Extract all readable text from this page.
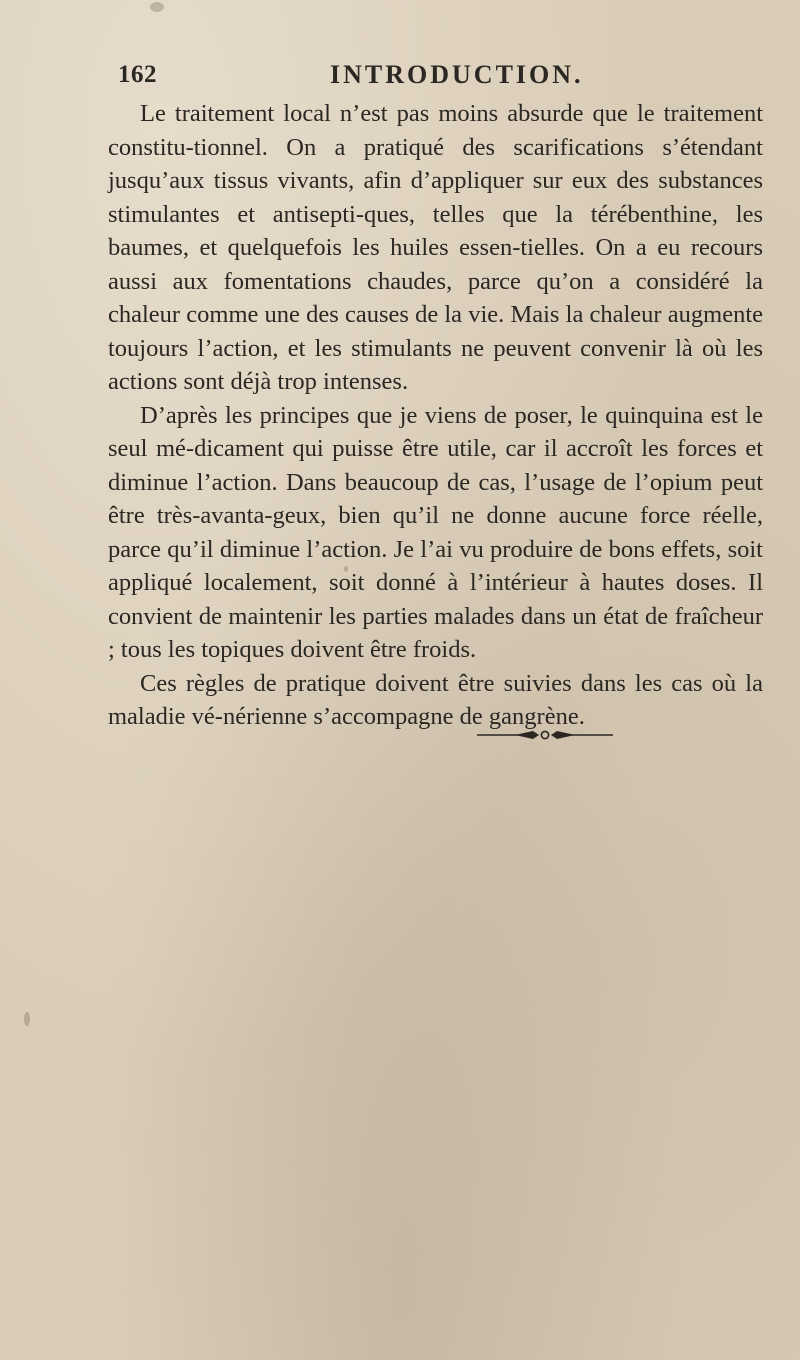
162	INTRODUCTION.

Le traitement local n’est pas moins absurde que le traitement constitu-tionnel. On a pratiqué des scarifications s’étendant jusqu’aux tissus vivants, afin d’appliquer sur eux des substances stimulantes et antisepti-ques, telles que la térébenthine, les baumes, et quelquefois les huiles essen-tielles. On a eu recours aussi aux fomentations chaudes, parce qu’on a considéré la chaleur comme une des causes de la vie. Mais la chaleur augmente toujours l’action, et les stimulants ne peuvent convenir là où les actions sont déjà trop intenses.

D’après les principes que je viens de poser, le quinquina est le seul mé-dicament qui puisse être utile, car il accroît les forces et diminue l’action. Dans beaucoup de cas, l’usage de l’opium peut être très-avanta-geux, bien qu’il ne donne aucune force réelle, parce qu’il diminue l’action. Je l’ai vu produire de bons effets, soit appliqué localement, soit donné à l’intérieur à hautes doses. Il convient de maintenir les parties malades dans un état de fraîcheur ; tous les topiques doivent être froids.

Ces règles de pratique doivent être suivies dans les cas où la maladie vé-nérienne s’accompagne de gangrène.
